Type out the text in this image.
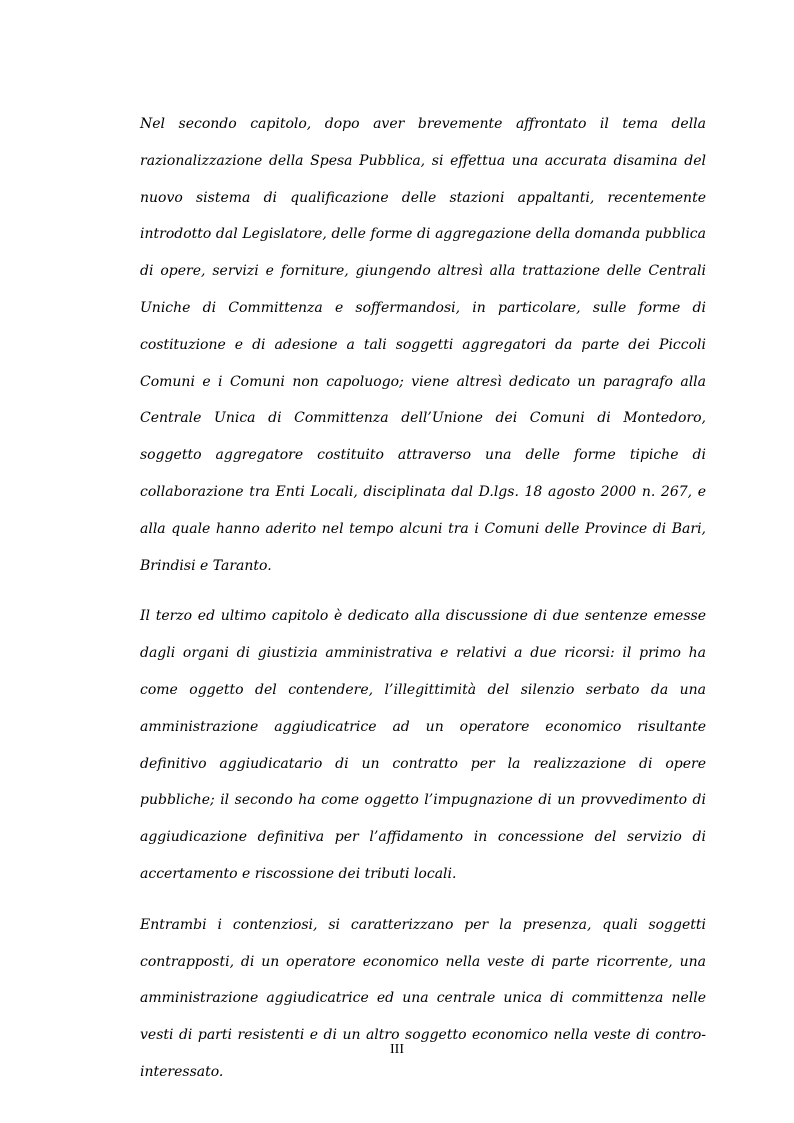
Nel secondo capitolo, dopo aver brevemente affrontato il tema della razionalizzazione della Spesa Pubblica, si effettua una accurata disamina del nuovo sistema di qualificazione delle stazioni appaltanti, recentemente introdotto dal Legislatore, delle forme di aggregazione della domanda pubblica di opere, servizi e forniture, giungendo altresì alla trattazione delle Centrali Uniche di Committenza e soffermandosi, in particolare, sulle forme di costituzione e di adesione a tali soggetti aggregatori da parte dei Piccoli Comuni e i Comuni non capoluogo; viene altresì dedicato un paragrafo alla Centrale Unica di Committenza dell’Unione dei Comuni di Montedoro, soggetto aggregatore costituito attraverso una delle forme tipiche di collaborazione tra Enti Locali, disciplinata dal D.lgs. 18 agosto 2000 n. 267, e alla quale hanno aderito nel tempo alcuni tra i Comuni delle Province di Bari, Brindisi e Taranto.

Il terzo ed ultimo capitolo è dedicato alla discussione di due sentenze emesse dagli organi di giustizia amministrativa e relativi a due ricorsi: il primo ha come oggetto del contendere, l’illegittimità del silenzio serbato da una amministrazione aggiudicatrice ad un operatore economico risultante definitivo aggiudicatario di un contratto per la realizzazione di opere pubbliche; il secondo ha come oggetto l’impugnazione di un provvedimento di aggiudicazione definitiva per l’affidamento in concessione del servizio di accertamento e riscossione dei tributi locali.

Entrambi i contenziosi, si caratterizzano per la presenza, quali soggetti contrapposti, di un operatore economico nella veste di parte ricorrente, una amministrazione aggiudicatrice ed una centrale unica di committenza nelle vesti di parti resistenti e di un altro soggetto economico nella veste di contro-interessato.

III
